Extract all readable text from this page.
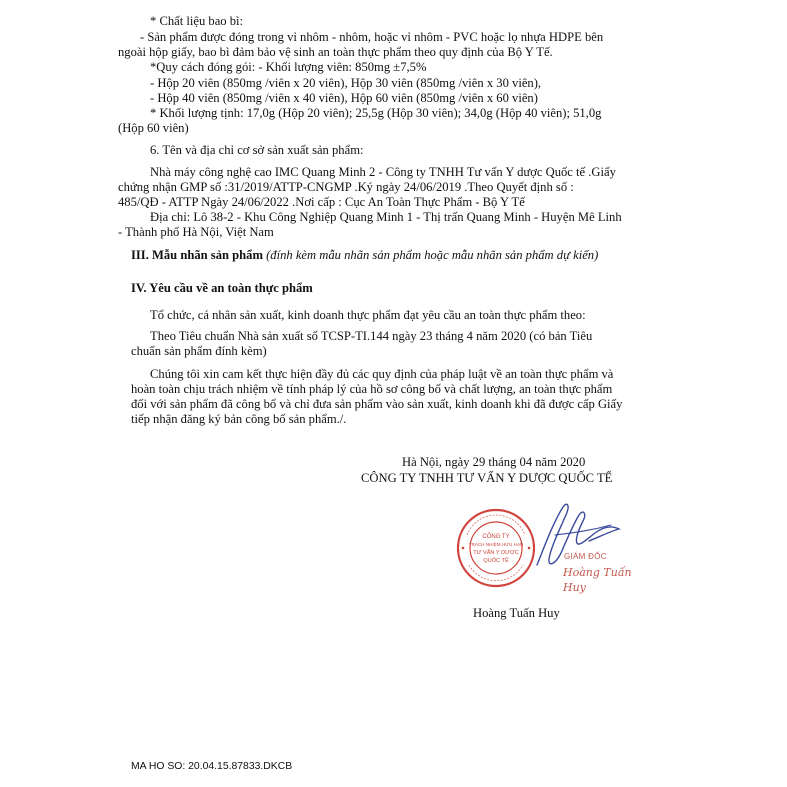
* Chất liệu bao bì:
- Sản phẩm được đóng trong vỉ nhôm - nhôm, hoặc vỉ nhôm - PVC hoặc lọ nhựa HDPE bên
ngoài hộp giấy, bao bì đảm bảo vệ sinh an toàn thực phẩm theo quy định của Bộ Y Tế.
*Quy cách đóng gói: - Khối lượng viên: 850mg ±7,5%
- Hộp 20 viên (850mg /viên x 20 viên), Hộp 30 viên (850mg /viên x 30 viên),
- Hộp 40 viên (850mg /viên x 40 viên), Hộp 60 viên (850mg /viên x 60 viên)
* Khối lượng tịnh: 17,0g (Hộp 20 viên); 25,5g (Hộp 30 viên); 34,0g (Hộp 40 viên); 51,0g
(Hộp 60 viên)
6. Tên và địa chỉ cơ sở sản xuất sản phẩm:
Nhà máy công nghệ cao IMC Quang Minh 2 - Công ty TNHH Tư vấn Y dược Quốc tế .Giấy
chứng nhận GMP số :31/2019/ATTP-CNGMP .Ký ngày 24/06/2019 .Theo Quyết định số :
485/QĐ - ATTP Ngày 24/06/2022 .Nơi cấp : Cục An Toàn Thực Phẩm - Bộ Y Tế
Địa chỉ: Lô 38-2 - Khu Công Nghiệp Quang Minh 1 - Thị trấn Quang Minh - Huyện Mê Linh
- Thành phố Hà Nội, Việt Nam
III. Mẫu nhãn sản phẩm (đính kèm mẫu nhãn sản phẩm hoặc mẫu nhãn sản phẩm dự kiến)
IV. Yêu cầu về an toàn thực phẩm
Tổ chức, cá nhân sản xuất, kinh doanh thực phẩm đạt yêu cầu an toàn thực phẩm theo:
Theo Tiêu chuẩn Nhà sản xuất số TCSP-TI.144 ngày 23 tháng 4 năm 2020 (có bản Tiêu
chuẩn sản phẩm đính kèm)
Chúng tôi xin cam kết thực hiện đầy đủ các quy định của pháp luật về an toàn thực phẩm và
hoàn toàn chịu trách nhiệm về tính pháp lý của hồ sơ công bố và chất lượng, an toàn thực phẩm
đối với sản phẩm đã công bố và chỉ đưa sản phẩm vào sản xuất, kinh doanh khi đã được cấp Giấy
tiếp nhận đăng ký bản công bố sản phẩm./.
Hà Nội, ngày 29 tháng 04 năm 2020
CÔNG TY TNHH TƯ VẤN Y DƯỢC QUỐC TẾ
CÔNG TY
TRÁCH NHIỆM HỮU HẠN
TƯ VẤN Y DƯỢC
QUỐC TẾ	GIÁM ĐỐC
Hoàng Tuấn Huy
Hoàng Tuấn Huy
MA HO SO: 20.04.15.87833.DKCB
